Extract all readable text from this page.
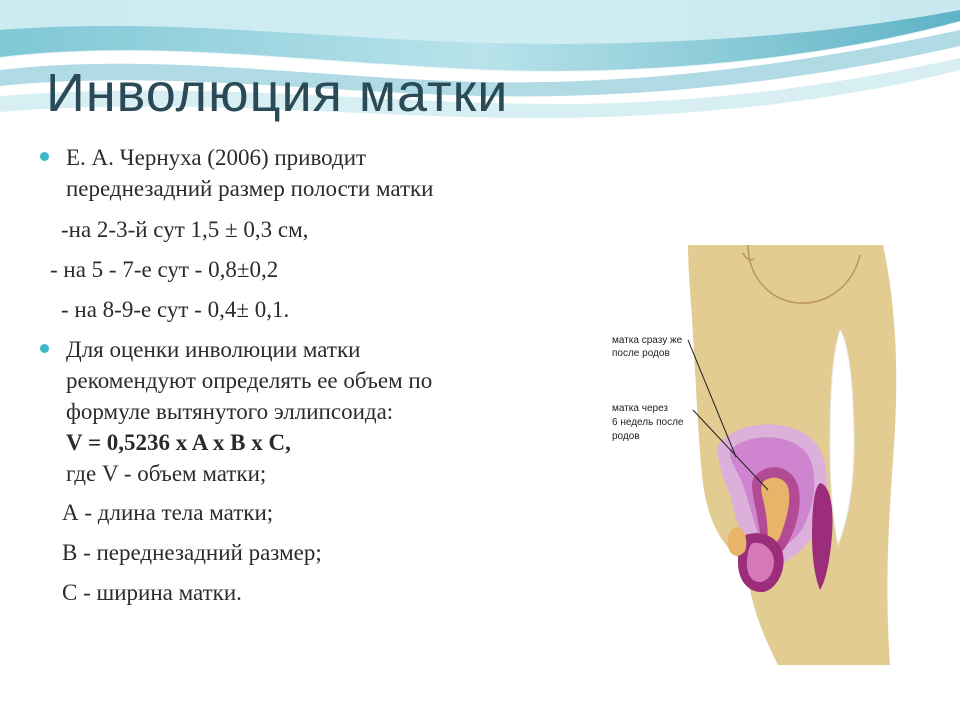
Инволюция матки
Е. А. Чернуха (2006) приводит
переднезадний размер полости матки
-на 2-3-й сут 1,5 ± 0,3 см,
- на 5 - 7-е сут - 0,8±0,2
- на 8-9-е сут - 0,4± 0,1.
Для оценки инволюции матки
рекомендуют определять ее объем по
формуле вытянутого эллипсоида:
V = 0,5236 x A x B x C,
где V - объем матки;
А - длина тела матки;
В - переднезадний размер;
С - ширина матки.
матка сразу же
после родов
матка через
6 недель после
родов
